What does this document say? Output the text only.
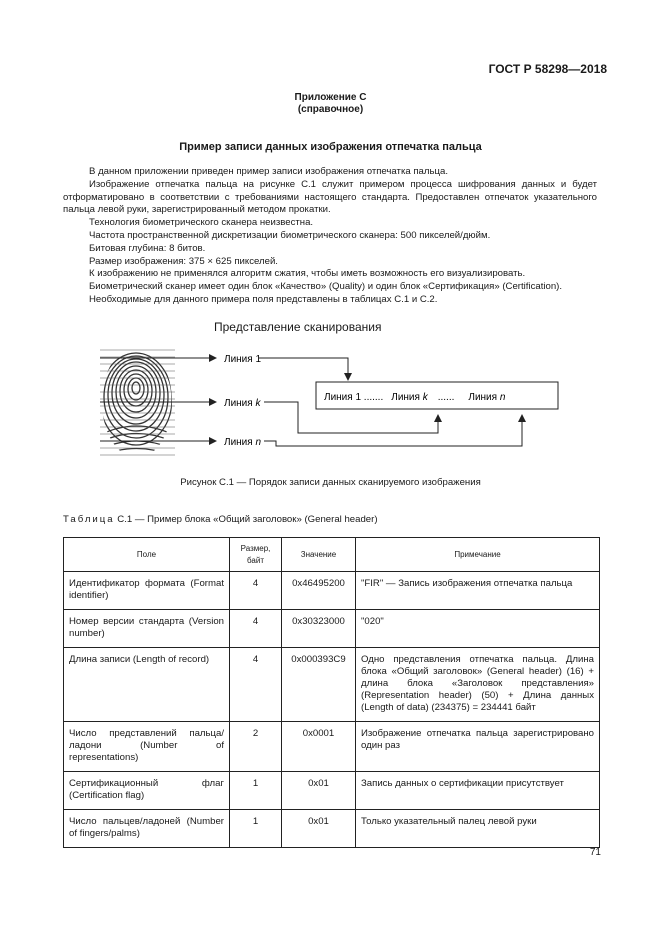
ГОСТ Р 58298—2018
Приложение С
(справочное)
Пример записи данных изображения отпечатка пальца

В данном приложении приведен пример записи изображения отпечатка пальца.

Изображение отпечатка пальца на рисунке С.1 служит примером процесса шифрования данных и будет отформатировано в соответствии с требованиями настоящего стандарта. Предоставлен отпечаток указательного пальца левой руки, зарегистрированный методом прокатки.

Технология биометрического сканера неизвестна.

Частота пространственной дискретизации биометрического сканера: 500 пикселей/дюйм.

Битовая глубина: 8 битов.

Размер изображения: 375 × 625 пикселей.

К изображению не применялся алгоритм сжатия, чтобы иметь возможность его визуализировать.

Биометрический сканер имеет один блок «Качество» (Quality) и один блок «Сертификация» (Certification).

Необходимые для данного примера поля представлены в таблицах С.1 и С.2.

Представление сканирования
Линия 1
Линия k
Линия n
Линия 1 ....... Линия k ...... Линия n
Рисунок С.1 — Порядок записи данных сканируемого изображения
Таблица С.1 — Пример блока «Общий заголовок» (General header)
Поле	Размер, байт	Значение	Примечание
Идентификатор формата (Format identifier)	4	0x46495200	"FIR" — Запись изображения отпечатка пальца
Номер версии стандарта (Version number)	4	0x30323000	"020"
Длина записи (Length of record)	4	0x000393C9	Одно представления отпечатка пальца. Длина блока «Общий заголовок» (General header) (16) + длина блока «Заголовок представления» (Representation header) (50) + Длина данных (Length of data) (234375) = 234441 байт
Число представлений пальца/ладони (Number of representations)	2	0x0001	Изображение отпечатка пальца зарегистрировано один раз
Сертификационный флаг (Certification flag)	1	0x01	Запись данных о сертификации присутствует
Число пальцев/ладоней (Number of fingers/palms)	1	0x01	Только указательный палец левой руки
71
